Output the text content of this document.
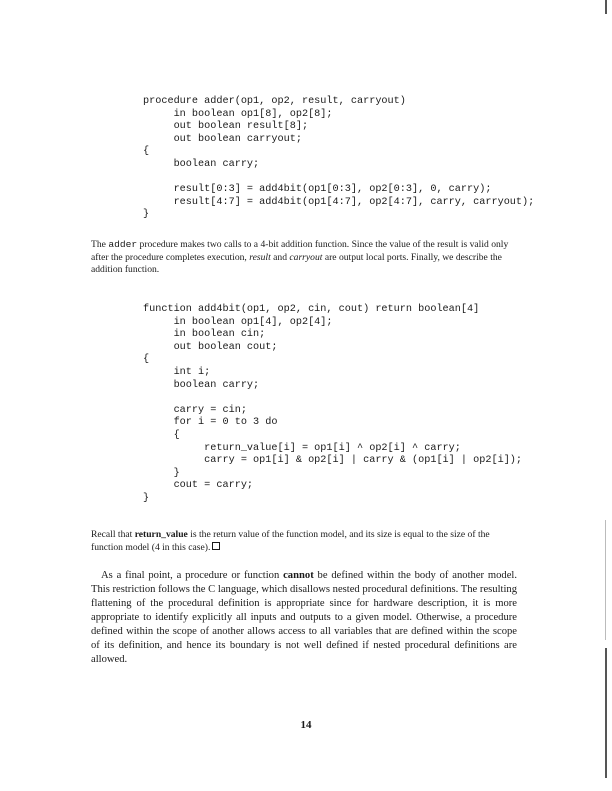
procedure adder(op1, op2, result, carryout)
in boolean op1[8], op2[8];
out boolean result[8];
out boolean carryout;
{
boolean carry;

result[0:3] = add4bit(op1[0:3], op2[0:3], 0, carry);
result[4:7] = add4bit(op1[4:7], op2[4:7], carry, carryout);
}

The adder procedure makes two calls to a 4-bit addition function. Since the value of the result is valid only after the procedure completes execution, result and carryout are output local ports. Finally, we describe the addition function.

function add4bit(op1, op2, cin, cout) return boolean[4]
in boolean op1[4], op2[4];
in boolean cin;
out boolean cout;
{
int i;
boolean carry;

carry = cin;
for i = 0 to 3 do
{
return_value[i] = op1[i] ^ op2[i] ^ carry;
carry = op1[i] & op2[i] | carry & (op1[i] | op2[i]);
}
cout = carry;
}

Recall that return_value is the return value of the function model, and its size is equal to the size of the function model (4 in this case).

As a final point, a procedure or function cannot be defined within the body of another model. This restriction follows the C language, which disallows nested procedural definitions. The resulting flattening of the procedural definition is appropriate since for hardware description, it is more appropriate to identify explicitly all inputs and outputs to a given model. Otherwise, a procedure defined within the scope of another allows access to all variables that are defined within the scope of its definition, and hence its boundary is not well defined if nested procedural definitions are allowed.

14
